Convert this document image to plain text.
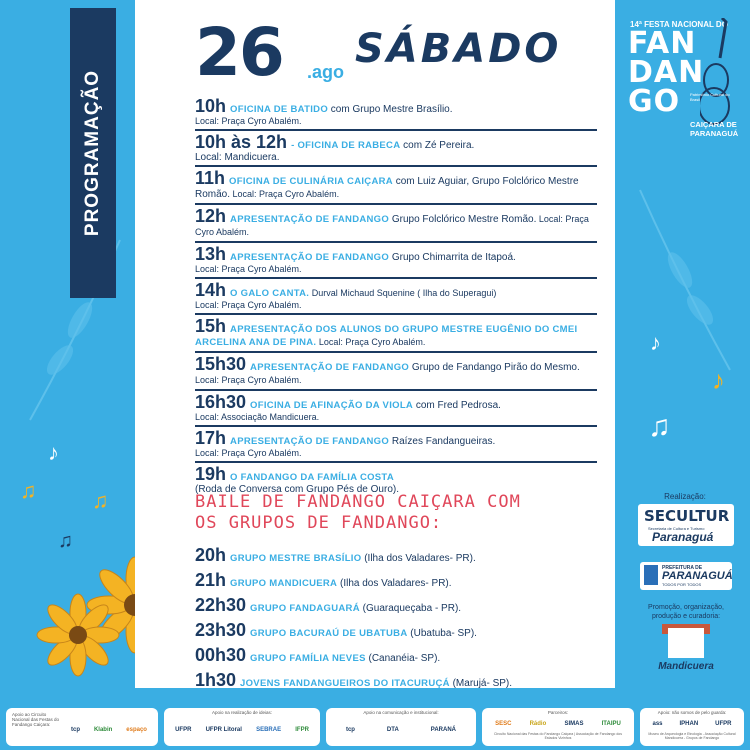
♪
♫	♫
♫
♪
♪
♫
PROGRAMAÇÃO
26 .ago SÁBADO
10h OFICINA DE BATIDO com Grupo Mestre Brasílio.
Local: Praça Cyro Abalém.
10h às 12h - OFICINA DE RABECA com Zé Pereira.
Local: Mandicuera.
11h OFICINA DE CULINÁRIA CAIÇARA com Luiz Aguiar, Grupo Folclórico Mestre Romão. Local: Praça Cyro Abalém.
12h APRESENTAÇÃO DE FANDANGO Grupo Folclórico Mestre Romão. Local: Praça Cyro Abalém.
13h APRESENTAÇÃO DE FANDANGO Grupo Chimarrita de Itapoá.
Local: Praça Cyro Abalém.
14h O GALO CANTA. Durval Michaud Squenine ( Ilha do Superagui)
Local: Praça Cyro Abalém.
15h APRESENTAÇÃO DOS ALUNOS DO GRUPO MESTRE EUGÊNIO DO CMEI ARCELINA ANA DE PINA. Local: Praça Cyro Abalém.
15h30 APRESENTAÇÃO DE FANDANGO Grupo de Fandango Pirão do Mesmo. Local: Praça Cyro Abalém.
16h30 OFICINA DE AFINAÇÃO DA VIOLA com Fred Pedrosa.
Local: Associação Mandicuera.
17h APRESENTAÇÃO DE FANDANGO Raízes Fandangueiras.
Local: Praça Cyro Abalém.
19h O FANDANGO DA FAMÍLIA COSTA
(Roda de Conversa com Grupo Pés de Ouro).
BAILE DE FANDANGO CAIÇARA COM
OS GRUPOS DE FANDANGO:
20h GRUPO MESTRE BRASÍLIO (Ilha dos Valadares- PR).
21h GRUPO MANDICUERA (Ilha dos Valadares- PR).
22h30 GRUPO FANDAGUARÁ (Guaraqueçaba - PR).
23h30 GRUPO BACURAÚ DE UBATUBA (Ubatuba- SP).
00h30 GRUPO FAMÍLIA NEVES (Cananéia- SP).
1h30 JOVENS FANDANGUEIROS DO ITACURUÇÁ (Marujá- SP).
14ª FESTA NACIONAL DO
FAN
DAN
GO	Patrimônio Cultural do Brasil
CAIÇARA DE PARANAGUÁ
Realização:
SECULTUR
Secretaria de Cultura e Turismo
Paranaguá
PREFEITURA DE
PARANAGUÁ
TODOS POR TODOS
Promoção, organização, produção e curadoria:
Mandicuera
Apoio ao Circuito Nacional das Festas do Fandango Caiçara:
tcp Klabin espaço
Apoio na realização de ideias:
UFPR UFPR Litoral SEBRAE IFPR
Apoio na comunicação e institucional:
tcp	DTA	PARANÁ
Parceiros:
SESC	Rádio	SIMAS	ITAIPU
Circuito Nacional das Festas do Fandango Caiçara | Associação de Fandango dos Estados Vizinhos
Apoio: não somos de pelo guarda:
ass	IPHAN	UFPR
Museu de Arqueologia e Etnologia - Associação Cultural Mandicuera - Grupos de Fandango
